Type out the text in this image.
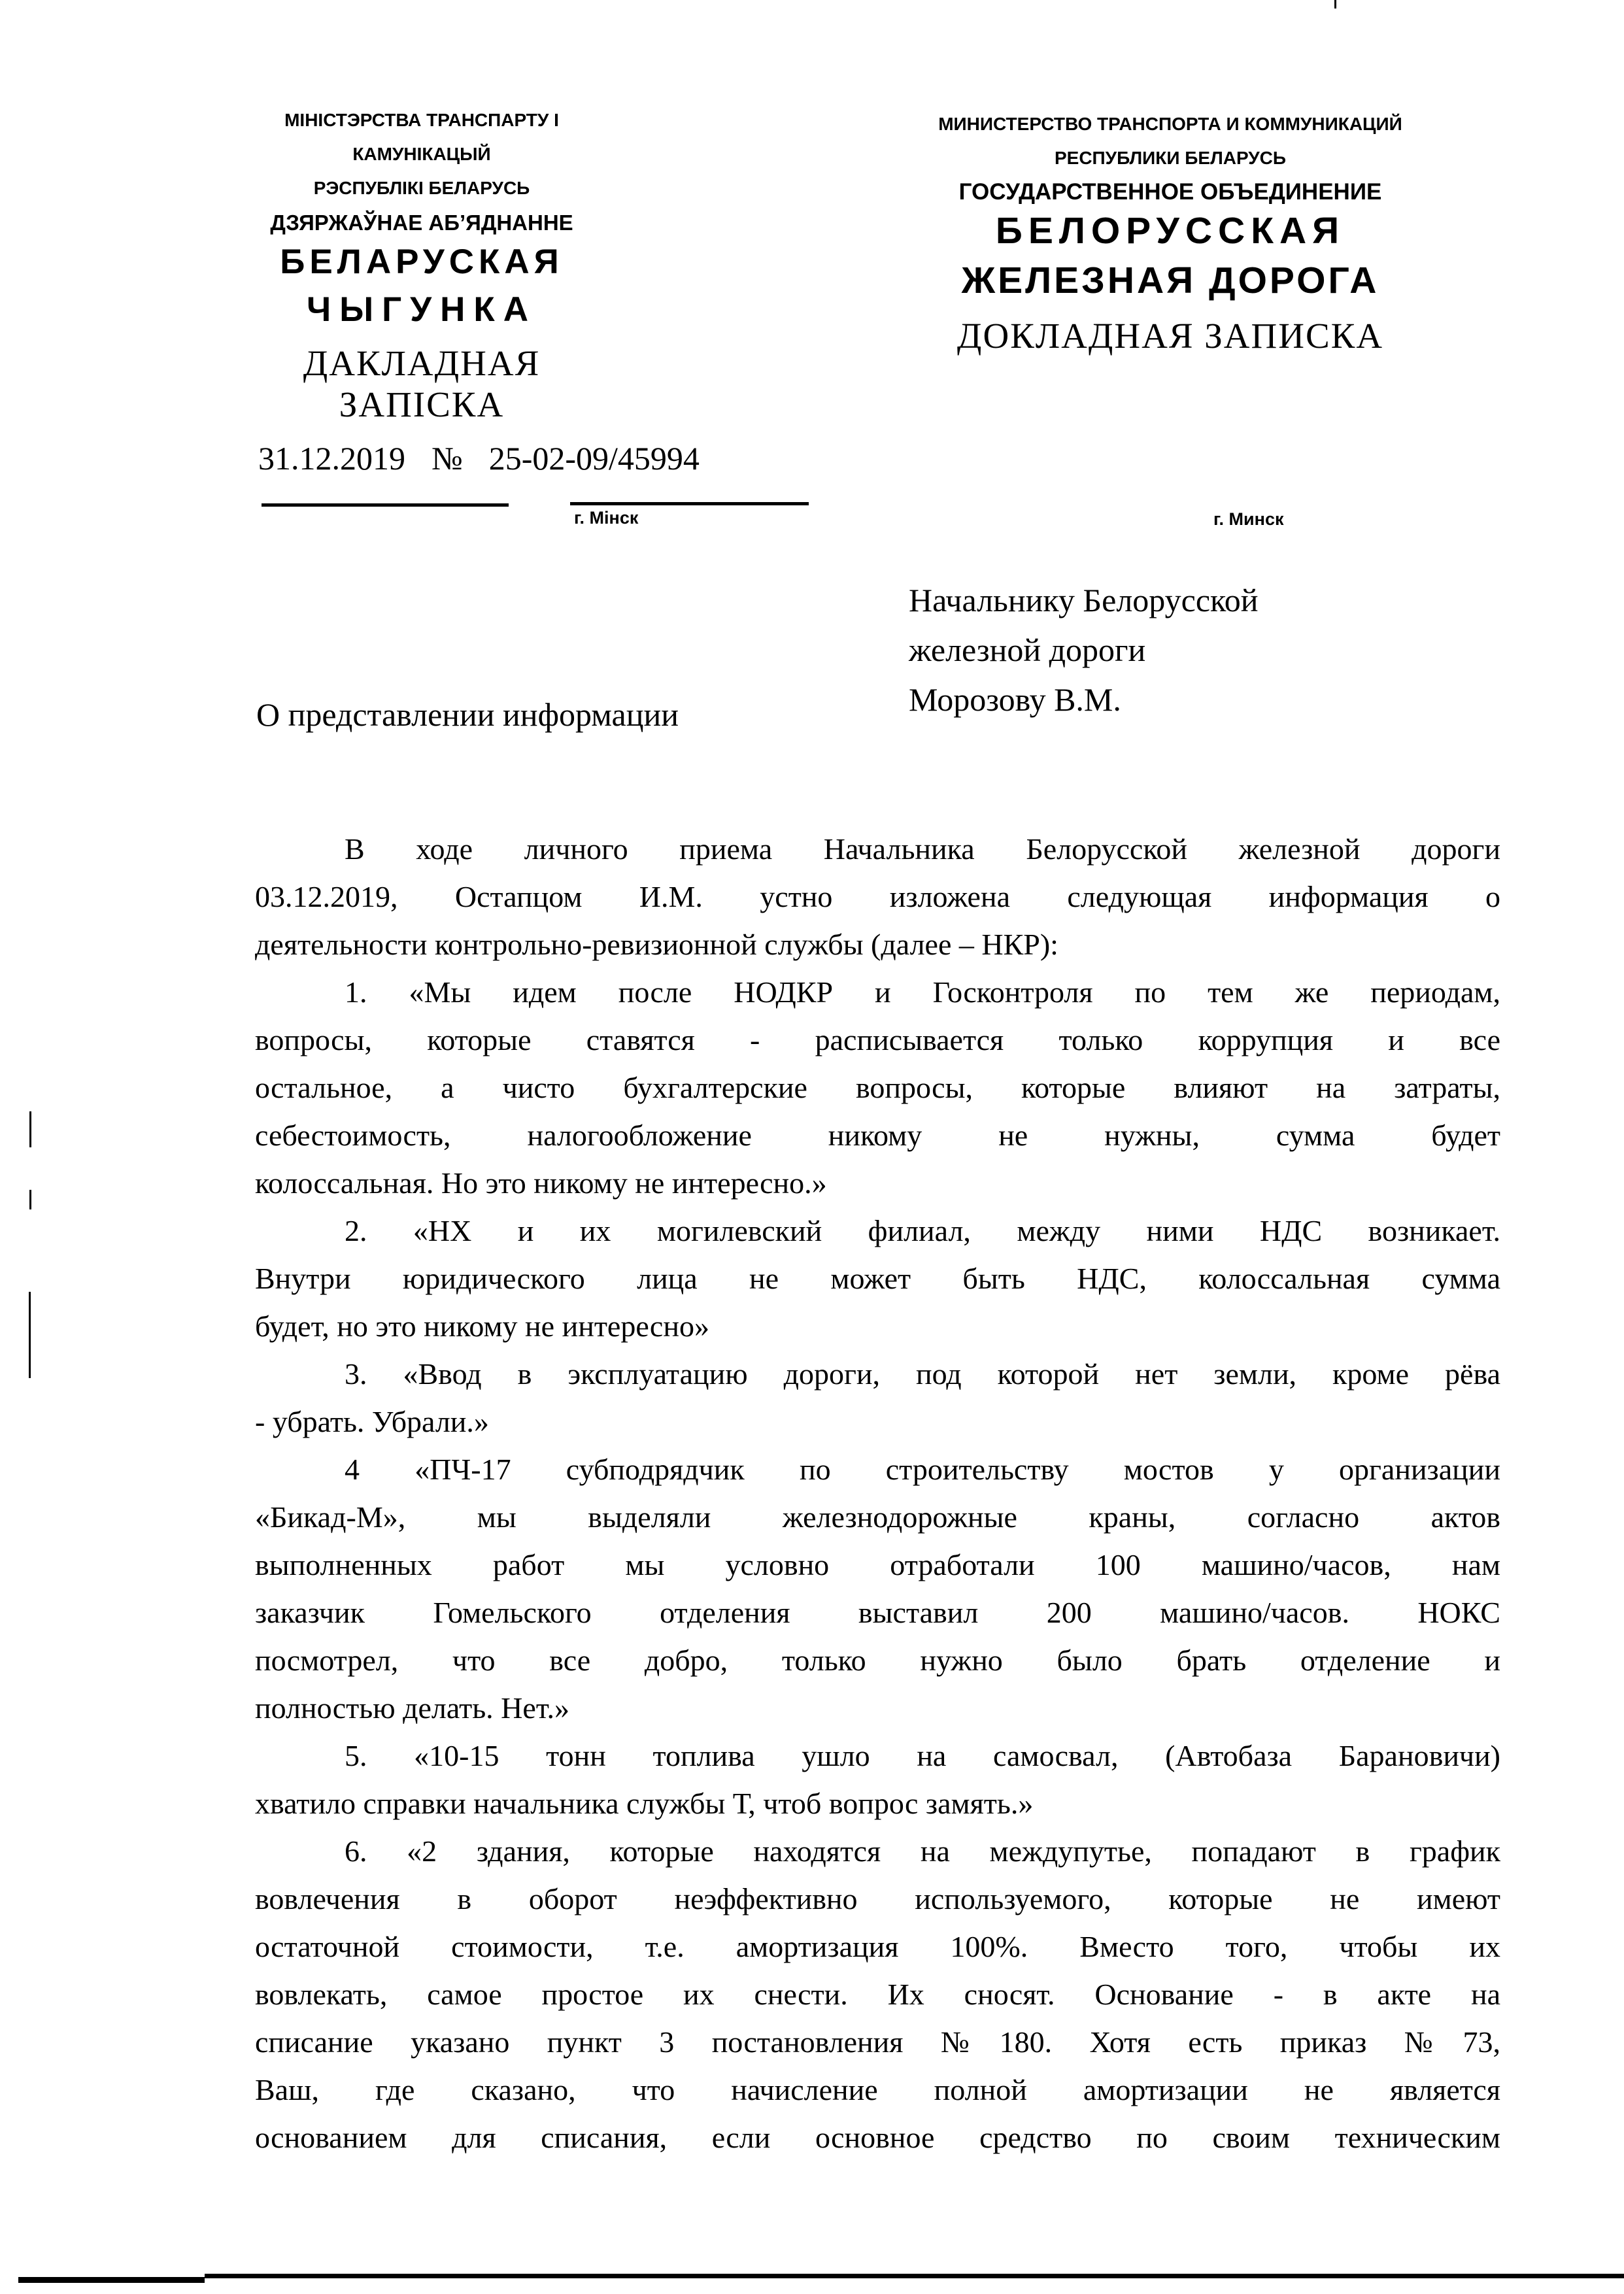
МІНІСТЭРСТВА ТРАНСПАРТУ І КАМУНІКАЦЫЙ
РЭСПУБЛІКІ БЕЛАРУСЬ
ДЗЯРЖАЎНАЕ АБ’ЯДНАННЕ
БЕЛАРУСКАЯ
ЧЫГУНКА
ДАКЛАДНАЯ ЗАПІСКА
МИНИСТЕРСТВО ТРАНСПОРТА И КОММУНИКАЦИЙ
РЕСПУБЛИКИ БЕЛАРУСЬ
ГОСУДАРСТВЕННОЕ ОБЪЕДИНЕНИЕ
БЕЛОРУССКАЯ
ЖЕЛЕЗНАЯ ДОРОГА
ДОКЛАДНАЯ ЗАПИСКА
31.12.2019 № 25-02-09/45994
г. Мінск	г. Минск
Начальнику Белорусской
железной дороги
Морозову В.М.
О представлении информации
В ходе личного приема Начальника Белорусской железной дороги
03.12.2019, Остапцом И.М. устно изложена следующая информация о
деятельности контрольно-ревизионной службы (далее – НКР):
1. «Мы идем после НОДКР и Госконтроля по тем же периодам,
вопросы, которые ставятся - расписывается только коррупция и все
остальное, а чисто бухгалтерские вопросы, которые влияют на затраты,
себестоимость, налогообложение никому не нужны, сумма будет
колоссальная. Но это никому не интересно.»
2. «НХ и их могилевский филиал, между ними НДС возникает.
Внутри юридического лица не может быть НДС, колоссальная сумма
будет, но это никому не интересно»
3. «Ввод в эксплуатацию дороги, под которой нет земли, кроме рёва
- убрать. Убрали.»
4 «ПЧ-17 субподрядчик по строительству мостов у организации
«Бикад-М», мы выделяли железнодорожные краны, согласно актов
выполненных работ мы условно отработали 100 машино/часов, нам
заказчик Гомельского отделения выставил 200 машино/часов. НОКС
посмотрел, что все добро, только нужно было брать отделение и
полностью делать. Нет.»
5. «10-15 тонн топлива ушло на самосвал, (Автобаза Барановичи)
хватило справки начальника службы Т, чтоб вопрос замять.»
6. «2 здания, которые находятся на междупутье, попадают в график
вовлечения в оборот неэффективно используемого, которые не имеют
остаточной стоимости, т.е. амортизация 100%. Вместо того, чтобы их
вовлекать, самое простое их снести. Их сносят. Основание - в акте на
списание указано пункт 3 постановления №180. Хотя есть приказ №73,
Ваш, где сказано, что начисление полной амортизации не является
основанием для списания, если основное средство по своим техническим
